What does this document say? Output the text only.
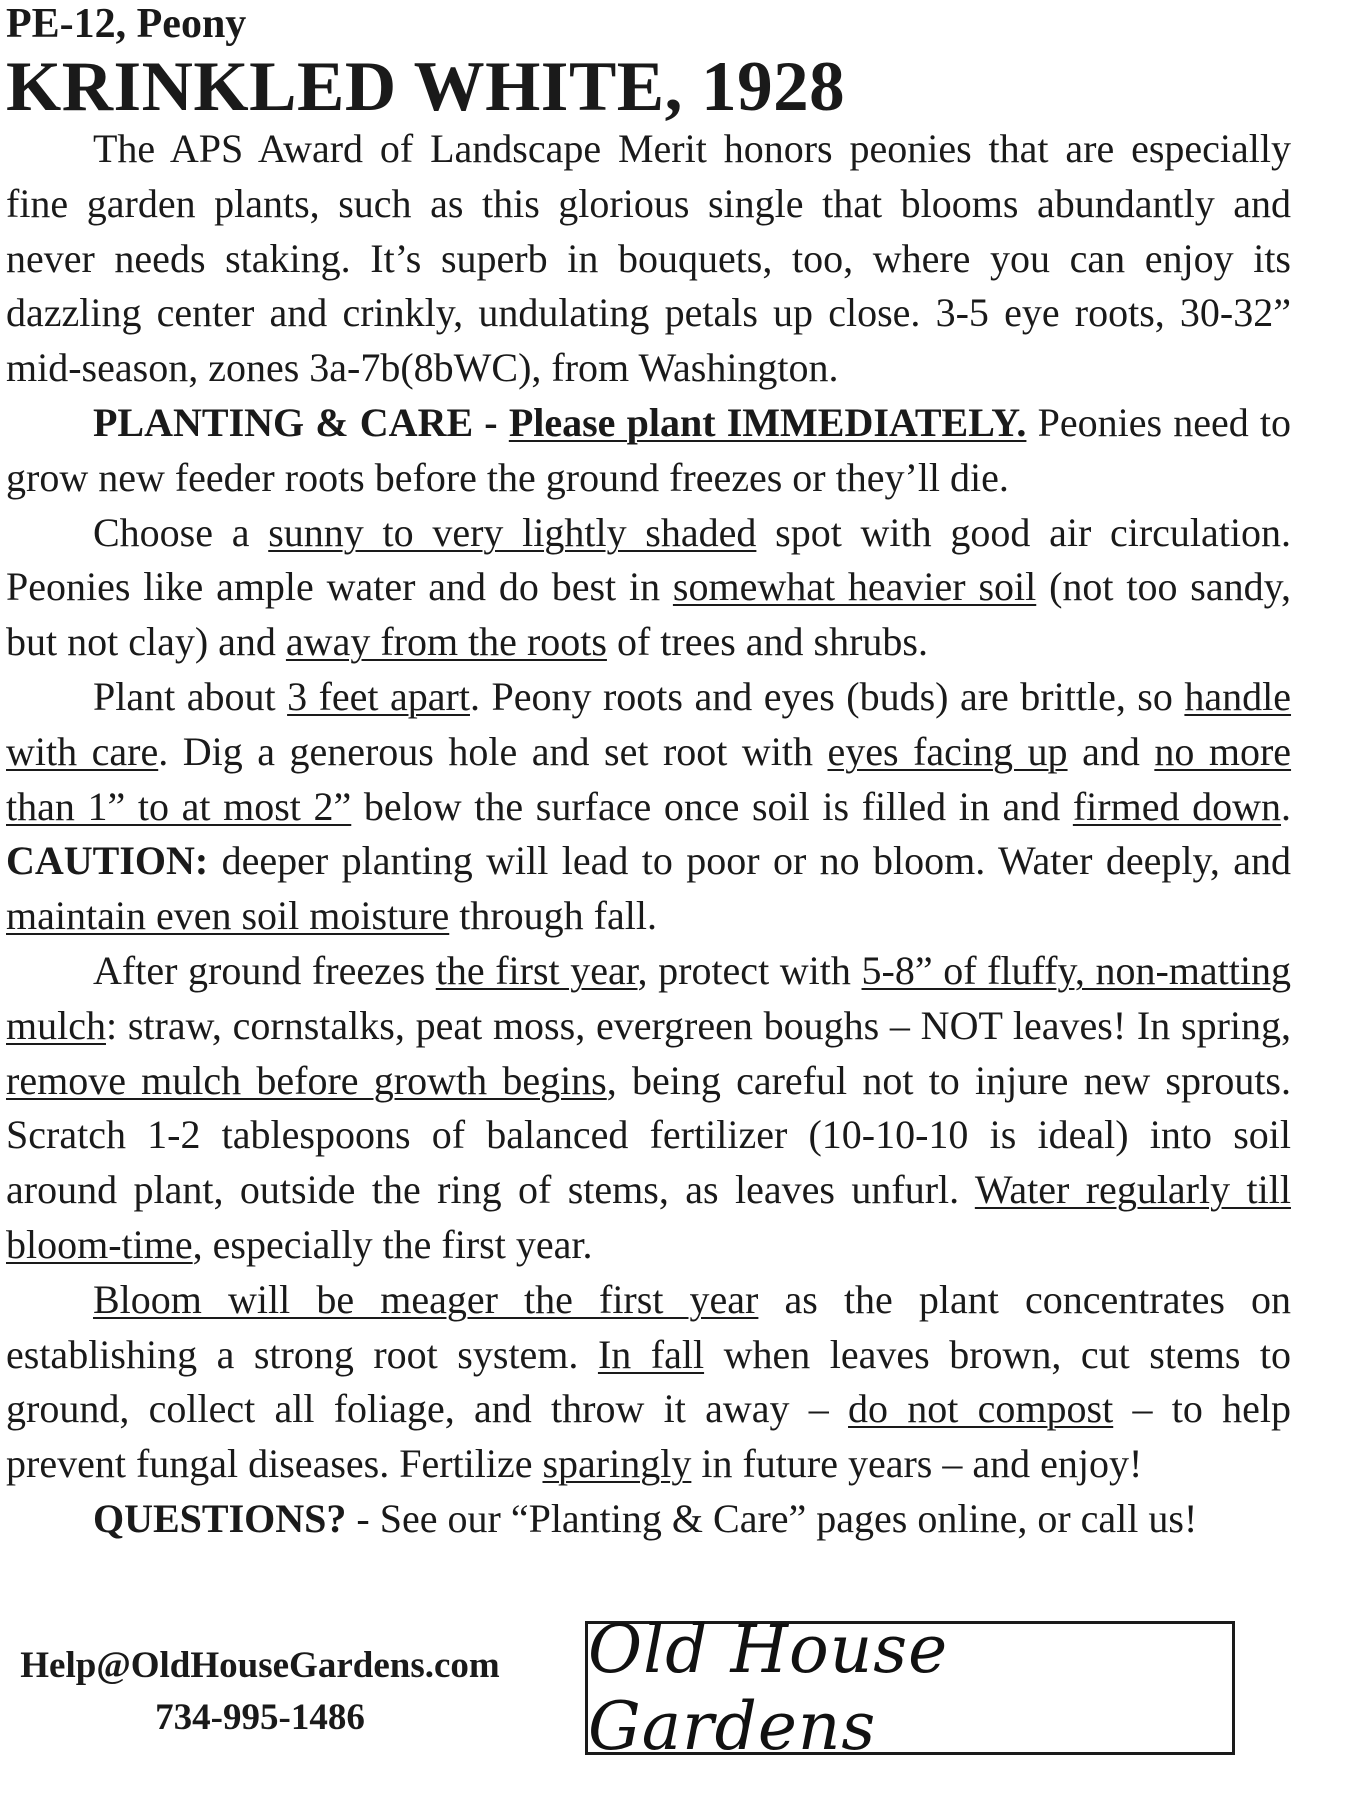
PE-12, Peony
KRINKLED WHITE, 1928

The APS Award of Landscape Merit honors peonies that are especially fine garden plants, such as this glorious single that blooms abundantly and never needs staking. It’s superb in bouquets, too, where you can enjoy its dazzling center and crinkly, undulating petals up close. 3-5 eye roots, 30-32” mid-season, zones 3a-7b(8bWC), from Washington.

PLANTING & CARE - Please plant IMMEDIATELY. Peonies need to grow new feeder roots before the ground freezes or they’ll die.

Choose a sunny to very lightly shaded spot with good air circulation. Peonies like ample water and do best in somewhat heavier soil (not too sandy, but not clay) and away from the roots of trees and shrubs.

Plant about 3 feet apart. Peony roots and eyes (buds) are brittle, so handle with care. Dig a generous hole and set root with eyes facing up and no more than 1” to at most 2” below the surface once soil is filled in and firmed down. CAUTION: deeper planting will lead to poor or no bloom. Water deeply, and maintain even soil moisture through fall.

After ground freezes the first year, protect with 5-8” of fluffy, non-matting mulch: straw, cornstalks, peat moss, evergreen boughs – NOT leaves! In spring, remove mulch before growth begins, being careful not to injure new sprouts. Scratch 1-2 tablespoons of balanced fertilizer (10-10-10 is ideal) into soil around plant, outside the ring of stems, as leaves unfurl. Water regularly till bloom-time, especially the first year.

Bloom will be meager the first year as the plant concentrates on establishing a strong root system. In fall when leaves brown, cut stems to ground, collect all foliage, and throw it away – do not compost – to help prevent fungal diseases. Fertilize sparingly in future years – and enjoy!

QUESTIONS? - See our “Planting & Care” pages online, or call us!

Help@OldHouseGardens.com
734-995-1486
Old House Gardens
